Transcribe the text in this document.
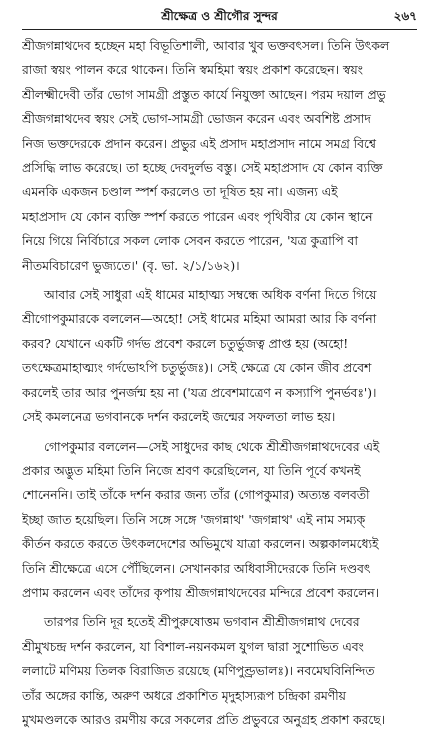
শ্রীক্ষেত্র ও শ্রীগৌর সুন্দর	২৬৭

শ্রীজগন্নাথদেব হচ্ছেন মহা বিভূতিশালী, আবার খুব ভক্তবৎসল। তিনি উৎকল
রাজা স্বয়ং পালন করে থাকেন। তিনি স্বমহিমা স্বয়ং প্রকাশ করেছেন। স্বয়ং
শ্রীলক্ষ্মীদেবী তাঁর ভোগ সামগ্রী প্রস্তুত কার্যে নিযুক্তা আছেন। পরম দয়াল প্রভু
শ্রীজগন্নাথদেব স্বয়ং সেই ভোগ-সামগ্রী ভোজন করেন এবং অবশিষ্ট প্রসাদ
নিজ ভক্তদেরকে প্রদান করেন। প্রভুর এই প্রসাদ মহাপ্রসাদ নামে সমগ্র বিশ্বে
প্রসিদ্ধি লাভ করেছে। তা হচ্ছে দেবদুর্লভ বস্তু। সেই মহাপ্রসাদ যে কোন ব্যক্তি
এমনকি একজন চণ্ডাল স্পর্শ করলেও তা দূষিত হয় না। এজন্য এই
মহাপ্রসাদ যে কোন ব্যক্তি স্পর্শ করতে পারেন এবং পৃথিবীর যে কোন স্থানে
নিয়ে গিয়ে নির্বিচারে সকল লোক সেবন করতে পারেন, 'যত্র কুত্রাপি বা
নীতমবিচারেণ ভুজ্যতে।' (বৃ. ভা. ২/১/১৬২)।

আবার সেই সাধুরা এই ধামের মাহাত্ম্য সম্বন্ধে অধিক বর্ণনা দিতে গিয়ে
শ্রীগোপকুমারকে বললেন—অহো! সেই ধামের মহিমা আমরা আর কি বর্ণনা
করব? যেখানে একটি গর্দভ প্রবেশ করলে চতুর্ভুজত্ব প্রাপ্ত হয় (অহো!
তৎক্ষেত্রমাহাত্ম্যং গর্দভোঽপি চতুর্ভুজঃ)। সেই ক্ষেত্রে যে কোন জীব প্রবেশ
করলেই তার আর পুনর্জন্ম হয় না ('যত্র প্রবেশমাত্রেণ ন কস্যাপি পুনর্ভবঃ')।
সেই কমলনেত্র ভগবানকে দর্শন করলেই জন্মের সফলতা লাভ হয়।

গোপকুমার বললেন—সেই সাধুদের কাছ থেকে শ্রীশ্রীজগন্নাথদেবের এই
প্রকার অদ্ভুত মহিমা তিনি নিজে শ্রবণ করেছিলেন, যা তিনি পূর্বে কখনই
শোনেননি। তাই তাঁকে দর্শন করার জন্য তাঁর (গোপকুমার) অত্যন্ত বলবতী
ইচ্ছা জাত হয়েছিল। তিনি সঙ্গে সঙ্গে 'জগন্নাথ' 'জগন্নাথ' এই নাম সম্যক্
কীর্তন করতে করতে উৎকলদেশের অভিমুখে যাত্রা করলেন। অল্পকালমধ্যেই
তিনি শ্রীক্ষেত্রে এসে পৌঁছিলেন। সেখানকার অধিবাসীদেরকে তিনি দণ্ডবৎ
প্রণাম করলেন এবং তাঁদের কৃপায় শ্রীজগন্নাথদেবের মন্দিরে প্রবেশ করলেন।

তারপর তিনি দূর হতেই শ্রীপুরুষোত্তম ভগবান শ্রীশ্রীজগন্নাথ দেবের
শ্রীমুখচন্দ্র দর্শন করলেন, যা বিশাল-নয়নকমল যুগল দ্বারা সুশোভিত এবং
ললাটে মণিময় তিলক বিরাজিত রয়েছে (মণিপুণ্ড্রভালঃ)। নবমেঘবিনিন্দিত
তাঁর অঙ্গের কান্তি, অরুণ অধরে প্রকাশিত মৃদুহাস্যরূপ চন্দ্রিকা রমণীয়
মুখমণ্ডলকে আরও রমণীয় করে সকলের প্রতি প্রভুবরে অনুগ্রহ প্রকাশ করছে।
